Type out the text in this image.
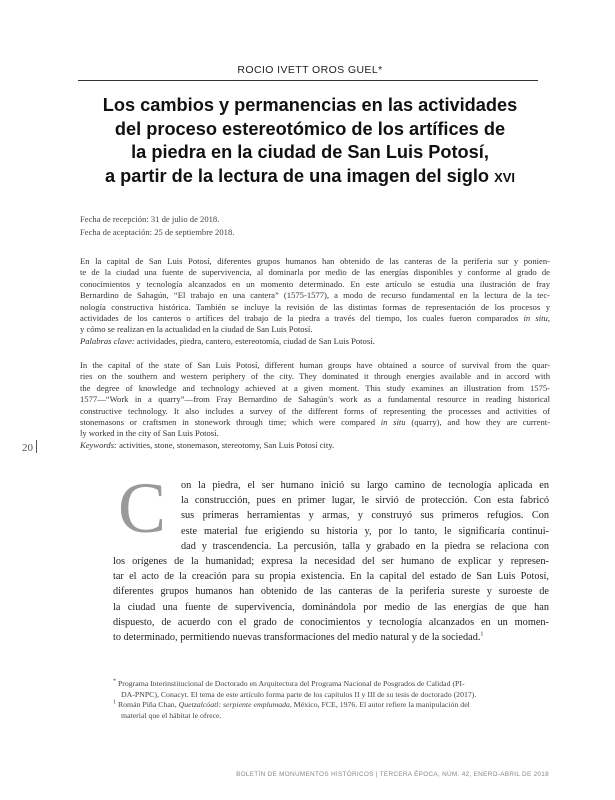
ROCIO IVETT OROS GUEL*
Los cambios y permanencias en las actividades
del proceso estereotómico de los artífices de
la piedra en la ciudad de San Luis Potosí,
a partir de la lectura de una imagen del siglo XVI
Fecha de recepción: 31 de julio de 2018.
Fecha de aceptación: 25 de septiembre 2018.
En la capital de San Luis Potosí, diferentes grupos humanos han obtenido de las canteras de la periferia sur y ponien-
te de la ciudad una fuente de supervivencia, al dominarla por medio de las energías disponibles y conforme al grado de
conocimientos y tecnología alcanzados en un momento determinado. En este artículo se estudia una ilustración de fray
Bernardino de Sahagún, “El trabajo en una cantera” (1575-1577), a modo de recurso fundamental en la lectura de la tec-
nología constructiva histórica. También se incluye la revisión de las distintas formas de representación de los procesos y
actividades de los canteros o artífices del trabajo de la piedra a través del tiempo, los cuales fueron comparados in situ,
y cómo se realizan en la actualidad en la ciudad de San Luis Potosí.
Palabras clave: actividades, piedra, cantero, estereotomía, ciudad de San Luis Potosí.
In the capital of the state of San Luis Potosí, different human groups have obtained a source of survival from the quar-
ries on the southern and western periphery of the city. They dominated it through energies available and in accord with
the degree of knowledge and technology achieved at a given moment. This study examines an illustration from 1575-
1577—“Work in a quarry”—from Fray Bernardino de Sahagún’s work as a fundamental resource in reading historical
constructive technology. It also includes a survey of the different forms of representing the processes and activities of
stonemasons or craftsmen in stonework through time; which were compared in situ (quarry), and how they are current-
ly worked in the city of San Luis Potosí.
Keywords: activities, stone, stonemason, stereotomy, San Luis Potosí city.
20
C	on la piedra, el ser humano inició su largo camino de tecnología aplicada en
la construcción, pues en primer lugar, le sirvió de protección. Con esta fabricó
sus primeras herramientas y armas, y construyó sus primeros refugios. Con
este material fue erigiendo su historia y, por lo tanto, le significaría continui-
dad y trascendencia. La percusión, talla y grabado en la piedra se relaciona con
los orígenes de la humanidad; expresa la necesidad del ser humano de explicar y represen-
tar el acto de la creación para su propia existencia. En la capital del estado de San Luis Potosí,
diferentes grupos humanos han obtenido de las canteras de la periferia sureste y suroeste de
la ciudad una fuente de supervivencia, dominándola por medio de las energías de que han
dispuesto, de acuerdo con el grado de conocimientos y tecnología alcanzados en un momen-
to determinado, permitiendo nuevas transformaciones del medio natural y de la sociedad.$^1$
* Programa Interinstitucional de Doctorado en Arquitectura del Programa Nacional de Posgrados de Calidad (PI-
DA-PNPC), Conacyt. El tema de este artículo forma parte de los capítulos II y III de su tesis de doctorado (2017).
$^1$ Román Piña Chan, Quetzalcóatl: serpiente emplumada, México, FCE, 1976. El autor refiere la manipulación del
material que el hábitat le ofrece.
BOLETÍN DE MONUMENTOS HISTÓRICOS | TERCERA ÉPOCA, NÚM. 42, ENERO-ABRIL DE 2018
